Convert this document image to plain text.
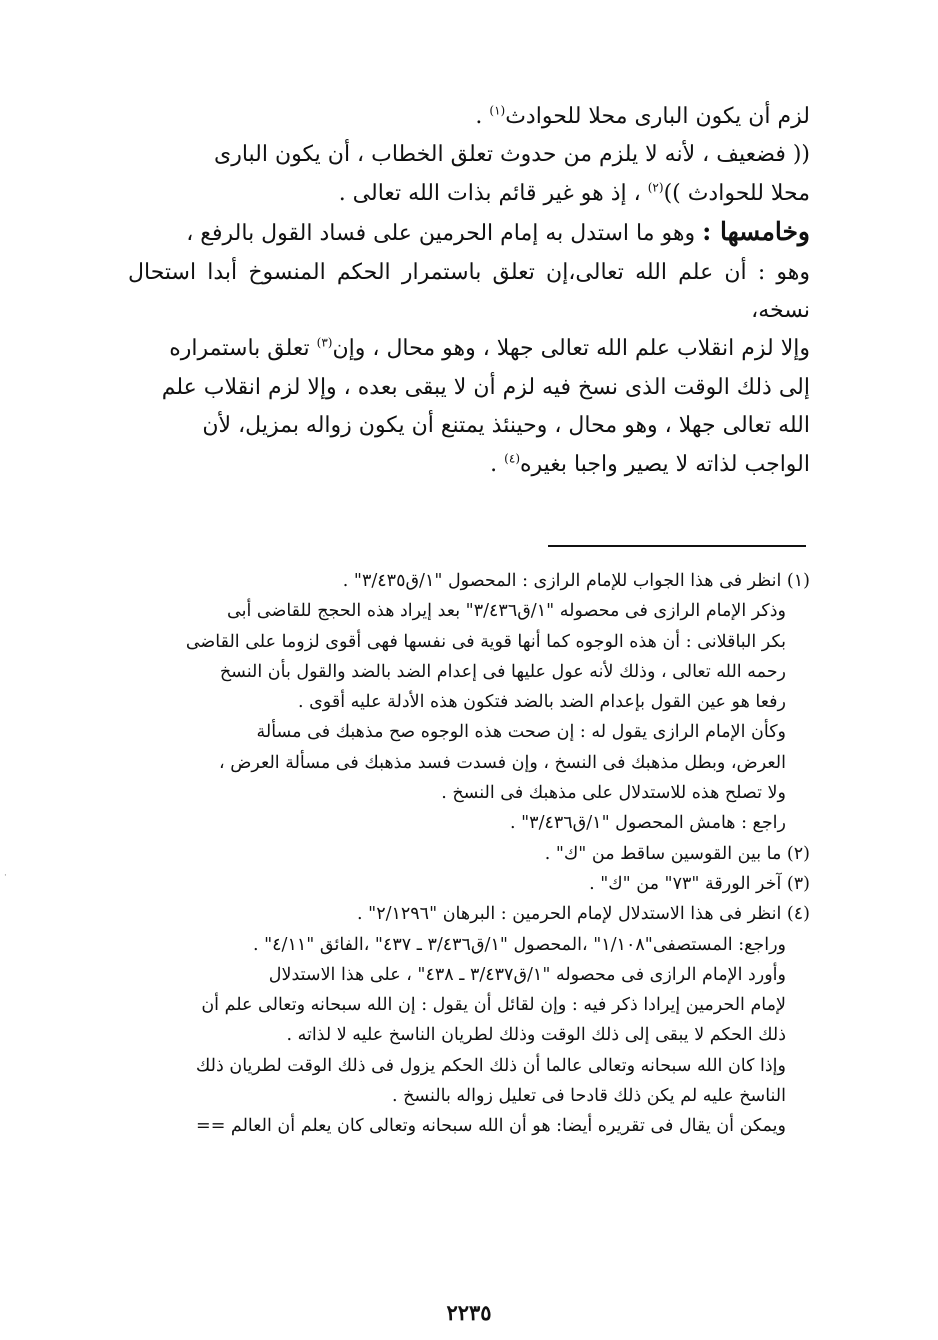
لزم أن يكون البارى محلا للحوادث$^{(١)}$ .

(( فضعيف ، لأنه لا يلزم من حدوث تعلق الخطاب ، أن يكون البارى

محلا للحوادث ))$^{(٢)}$ ، إذ هو غير قائم بذات الله تعالى .

وخامسها : وهو ما استدل به إمام الحرمين على فساد القول بالرفع ،

وهو : أن علم الله تعالى،إن تعلق باستمرار الحكم المنسوخ أبدا استحال نسخه،

وإلا لزم انقلاب علم الله تعالى جهلا ، وهو محال ، وإن$^{(٣)}$ تعلق باستمراره

إلى ذلك الوقت الذى نسخ فيه لزم أن لا يبقى بعده ، وإلا لزم انقلاب علم

الله تعالى جهلا ، وهو محال ، وحينئذ يمتنع أن يكون زواله بمزيل، لأن

الواجب لذاته لا يصير واجبا بغيره$^{(٤)}$ .

(١) انظر فى هذا الجواب للإمام الرازى : المحصول "١/ق٣/٤٣٥" .

وذكر الإمام الرازى فى محصوله "١/ق٣/٤٣٦" بعد إيراد هذه الحجج للقاضى أبى

بكر الباقلانى : أن هذه الوجوه كما أنها قوية فى نفسها فهى أقوى لزوما على القاضى

رحمه الله تعالى ، وذلك لأنه عول عليها فى إعدام الضد بالضد والقول بأن النسخ

رفعا هو عين القول بإعدام الضد بالضد فتكون هذه الأدلة عليه أقوى .

وكأن الإمام الرازى يقول له : إن صحت هذه الوجوه صح مذهبك فى مسألة

العرض، وبطل مذهبك فى النسخ ، وإن فسدت فسد مذهبك فى مسألة العرض ،

ولا تصلح هذه للاستدلال على مذهبك فى النسخ .

راجع : هامش المحصول "١/ق٣/٤٣٦" .

(٢) ما بين القوسين ساقط من "ك" .

(٣) آخر الورقة "٧٣" من "ك" .

(٤) انظر فى هذا الاستدلال لإمام الحرمين : البرهان "٢/١٢٩٦" .

وراجع: المستصفى"١/١٠٨" ،المحصول "١/ق٣/٤٣٦ ـ ٤٣٧" ،الفائق "٤/١١" .

وأورد الإمام الرازى فى محصوله "١/ق٣/٤٣٧ ـ ٤٣٨" ، على هذا الاستدلال

لإمام الحرمين إيرادا ذكر فيه : وإن لقائل أن يقول : إن الله سبحانه وتعالى علم أن

ذلك الحكم لا يبقى إلى ذلك الوقت وذلك لطريان الناسخ عليه لا لذاته .

وإذا كان الله سبحانه وتعالى عالما أن ذلك الحكم يزول فى ذلك الوقت لطريان ذلك

الناسخ عليه لم يكن ذلك قادحا فى تعليل زواله بالنسخ .

ويمكن أن يقال فى تقريره أيضا: هو أن الله سبحانه وتعالى كان يعلم أن العالم ==

٢٢٣٥
·
